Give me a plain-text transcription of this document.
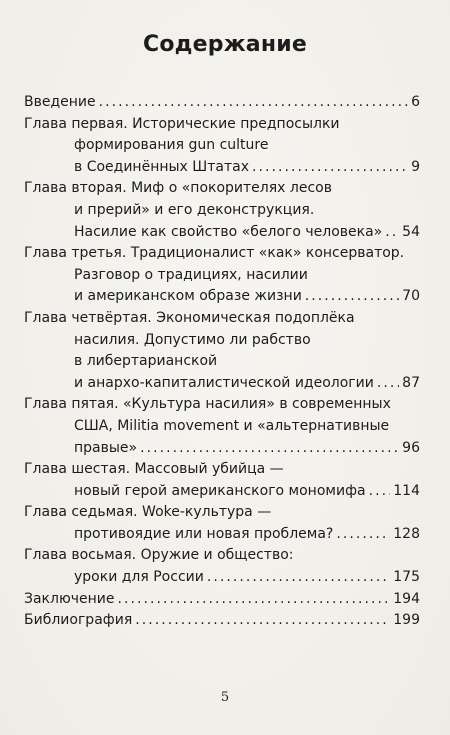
Содержание
Введение . . .	6
Глава первая. Исторические предпосылки
формирования gun culture
в Соединённых Штатах . . .	9
Глава вторая. Миф о «покорителях лесов
и прерий» и его деконструкция.
Насилие как свойство «белого человека» . . . 54
Глава третья. Традиционалист «как» консерватор.
Разговор о традициях, насилии
и американском образе жизни . . .	70
Глава четвёртая. Экономическая подоплёка
насилия. Допустимо ли рабство
в либертарианской
и анархо-капиталистической идеологии . . . 87
Глава пятая. «Культура насилия» в современных
США, Militia movement и «альтернативные
правые» . . .	96
Глава шестая. Массовый убийца —
новый герой американского мономифа . . . 114
Глава седьмая. Woke-культура —
противоядие или новая проблема? . . .	128
Глава восьмая. Оружие и общество:
уроки для России . . .	175
Заключение . . .	194
Библиография . . .	199
5
